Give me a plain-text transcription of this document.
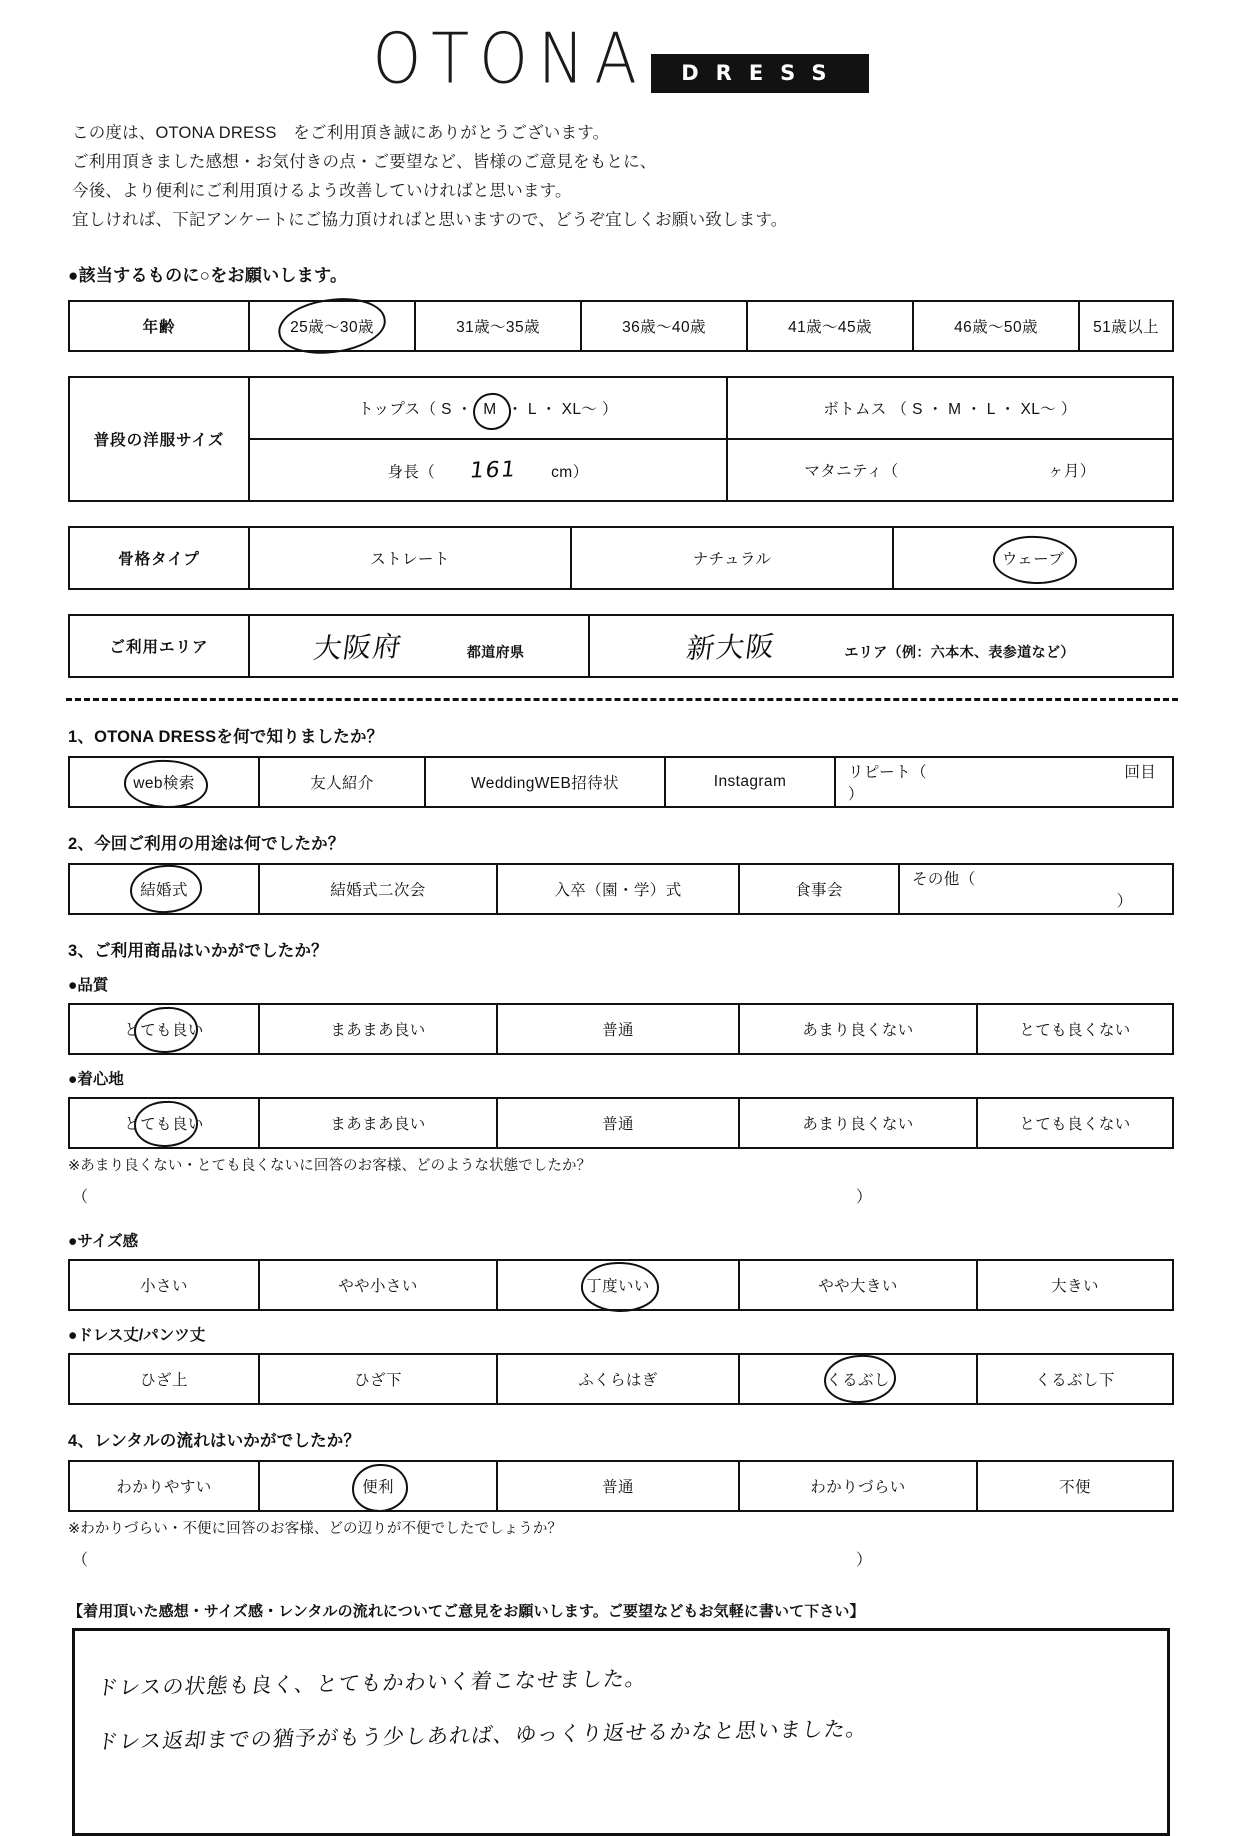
OTONA DRESS
この度は、OTONA DRESS　をご利用頂き誠にありがとうございます。
ご利用頂きました感想・お気付きの点・ご要望など、皆様のご意見をもとに、
今後、より便利にご利用頂けるよう改善していければと思います。
宜しければ、下記アンケートにご協力頂ければと思いますので、どうぞ宜しくお願い致します。
●該当するものに○をお願いします。
年齢	25歳〜30歳	31歳〜35歳	36歳〜40歳	41歳〜45歳	46歳〜50歳	51歳以上
普段の洋服サイズ	トップス（ S ・ M ・ L ・ XL〜 ）	ボトムス （ S ・ M ・ L ・ XL〜 ）
	身長（ 161 cm）	マタニティ（ ヶ月）
骨格タイプ	ストレート	ナチュラル	ウェーブ
ご利用エリア	大阪府	都道府県	新大阪	エリア（例：六本木、表参道など）
1、OTONA DRESSを何で知りましたか？
web検索	友人紹介	WeddingWEB招待状	Instagram	リピート（	回目 ）
2、今回ご利用の用途は何でしたか？
結婚式	結婚式二次会	入卒（園・学）式	食事会	その他（  ）
3、ご利用商品はいかがでしたか？
●品質
とても良い	まあまあ良い	普通	あまり良くない	とても良くない
●着心地
とても良い	まあまあ良い	普通	あまり良くない	とても良くない
※あまり良くない・とても良くないに回答のお客様、どのような状態でしたか？
（	）
●サイズ感
小さい	やや小さい	丁度いい	やや大きい	大きい
●ドレス丈/パンツ丈
ひざ上	ひざ下	ふくらはぎ	くるぶし	くるぶし下
4、レンタルの流れはいかがでしたか？
わかりやすい	便利	普通	わかりづらい	不便
※わかりづらい・不便に回答のお客様、どの辺りが不便でしたでしょうか？
（	）
【着用頂いた感想・サイズ感・レンタルの流れについてご意見をお願いします。ご要望などもお気軽に書いて下さい】
ドレスの状態も良く、とてもかわいく着こなせました。
ドレス返却までの猶予がもう少しあれば、ゆっくり返せるかなと思いました。
